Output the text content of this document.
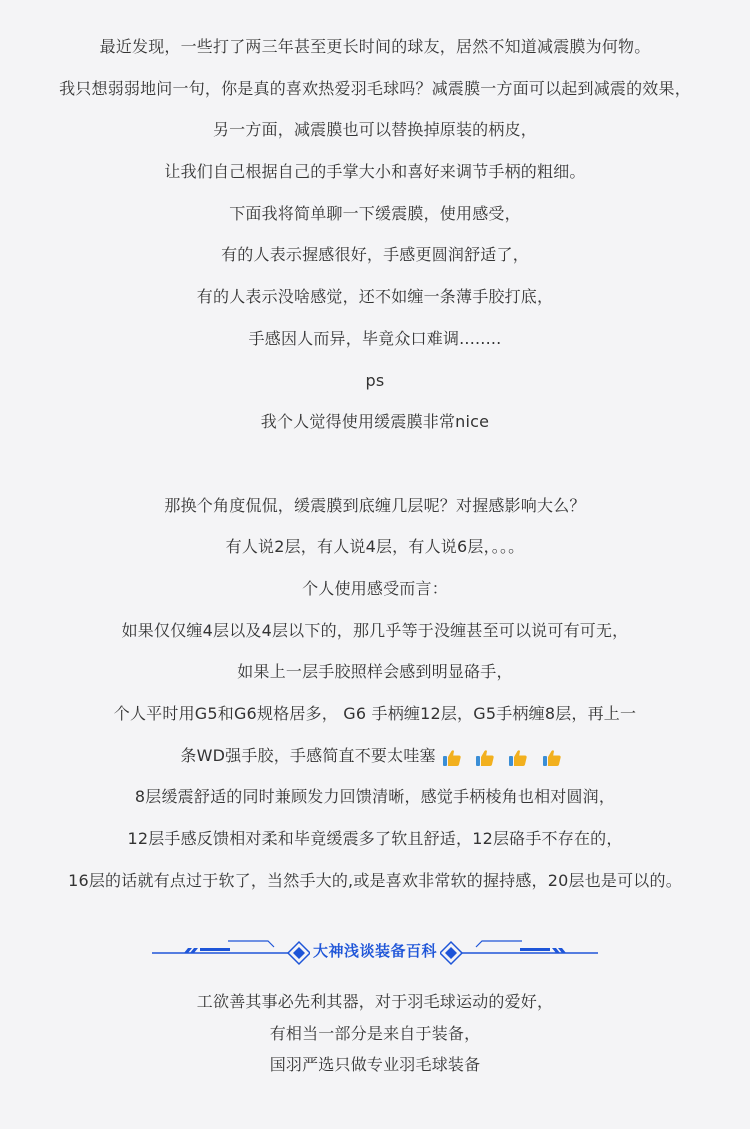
最近发现，一些打了两三年甚至更长时间的球友，居然不知道减震膜为何物。
我只想弱弱地问一句，你是真的喜欢热爱羽毛球吗？减震膜一方面可以起到减震的效果，
另一方面，减震膜也可以替换掉原装的柄皮，
让我们自己根据自己的手掌大小和喜好来调节手柄的粗细。
下面我将简单聊一下缓震膜，使用感受，
有的人表示握感很好，手感更圆润舒适了，
有的人表示没啥感觉，还不如缠一条薄手胶打底，
手感因人而异，毕竟众口难调........
ps
我个人觉得使用缓震膜非常nice
那换个角度侃侃，缓震膜到底缠几层呢？对握感影响大么？
有人说2层，有人说4层，有人说6层，。。。
个人使用感受而言：
如果仅仅缠4层以及4层以下的，那几乎等于没缠甚至可以说可有可无，
如果上一层手胶照样会感到明显硌手，
个人平时用G5和G6规格居多， G6 手柄缠12层，G5手柄缠8层，再上一
条WD强手胶，手感简直不要太哇塞
8层缓震舒适的同时兼顾发力回馈清晰，感觉手柄棱角也相对圆润，
12层手感反馈相对柔和毕竟缓震多了软且舒适，12层硌手不存在的，
16层的话就有点过于软了，当然手大的,或是喜欢非常软的握持感，20层也是可以的。
大神浅谈装备百科
工欲善其事必先利其器，对于羽毛球运动的爱好，
有相当一部分是来自于装备，
国羽严选只做专业羽毛球装备
